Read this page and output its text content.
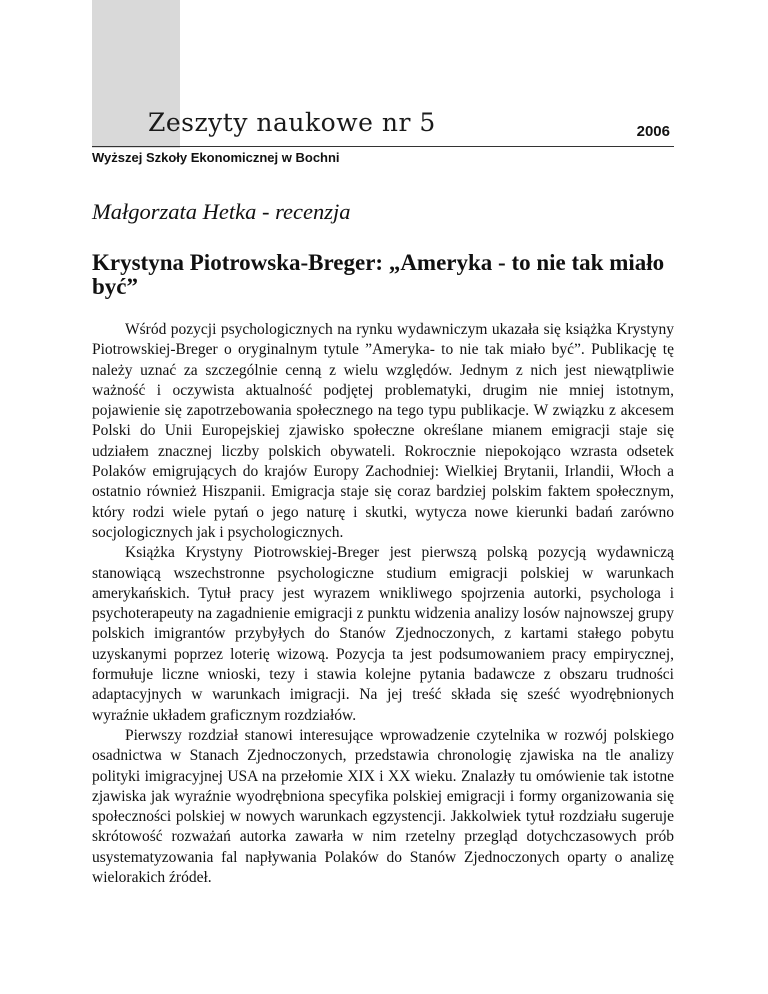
Zeszyty naukowe nr 5	2006
Wyższej Szkoły Ekonomicznej w Bochni
Małgorzata Hetka - recenzja
Krystyna Piotrowska-Breger: „Ameryka - to nie tak miało być”

Wśród pozycji psychologicznych na rynku wydawniczym ukazała się książka Krystyny Piotrowskiej-Breger o oryginalnym tytule ”Ameryka- to nie tak miało być”. Publikację tę należy uznać za szczególnie cenną z wielu względów. Jednym z nich jest niewątpliwie ważność i oczywista aktualność podjętej problematyki, drugim nie mniej istotnym, pojawienie się zapotrzebowania społecznego na tego typu publikacje. W związku z akcesem Polski do Unii Europejskiej zjawisko społeczne określane mianem emigracji staje się udziałem znacznej liczby polskich obywateli. Rokrocznie niepokojąco wzrasta odsetek Polaków emigrujących do krajów Europy Zachodniej: Wielkiej Brytanii, Irlandii, Włoch a ostatnio również Hiszpanii. Emigracja staje się coraz bardziej polskim faktem społecznym, który rodzi wiele pytań o jego naturę i skutki, wytycza nowe kierunki badań zarówno socjologicznych jak i psychologicznych.

Książka Krystyny Piotrowskiej-Breger jest pierwszą polską pozycją wydawniczą stanowiącą wszechstronne psychologiczne studium emigracji polskiej w warunkach amerykańskich. Tytuł pracy jest wyrazem wnikliwego spojrzenia autorki, psychologa i psychoterapeuty na zagadnienie emigracji z punktu widzenia analizy losów najnowszej grupy polskich imigrantów przybyłych do Stanów Zjednoczonych, z kartami stałego pobytu uzyskanymi poprzez loterię wizową. Pozycja ta jest podsumowaniem pracy empirycznej, formułuje liczne wnioski, tezy i stawia kolejne pytania badawcze z obszaru trudności adaptacyjnych w warunkach imigracji. Na jej treść składa się sześć wyodrębnionych wyraźnie układem graficznym rozdziałów.

Pierwszy rozdział stanowi interesujące wprowadzenie czytelnika w rozwój polskiego osadnictwa w Stanach Zjednoczonych, przedstawia chronologię zjawiska na tle analizy polityki imigracyjnej USA na przełomie XIX i XX wieku. Znalazły tu omówienie tak istotne zjawiska jak wyraźnie wyodrębniona specyfika polskiej emigracji i formy organizowania się społeczności polskiej w nowych warunkach egzystencji. Jakkolwiek tytuł rozdziału sugeruje skrótowość rozważań autorka zawarła w nim rzetelny przegląd dotychczasowych prób usystematyzowania fal napływania Polaków do Stanów Zjednoczonych oparty o analizę wielorakich źródeł.
